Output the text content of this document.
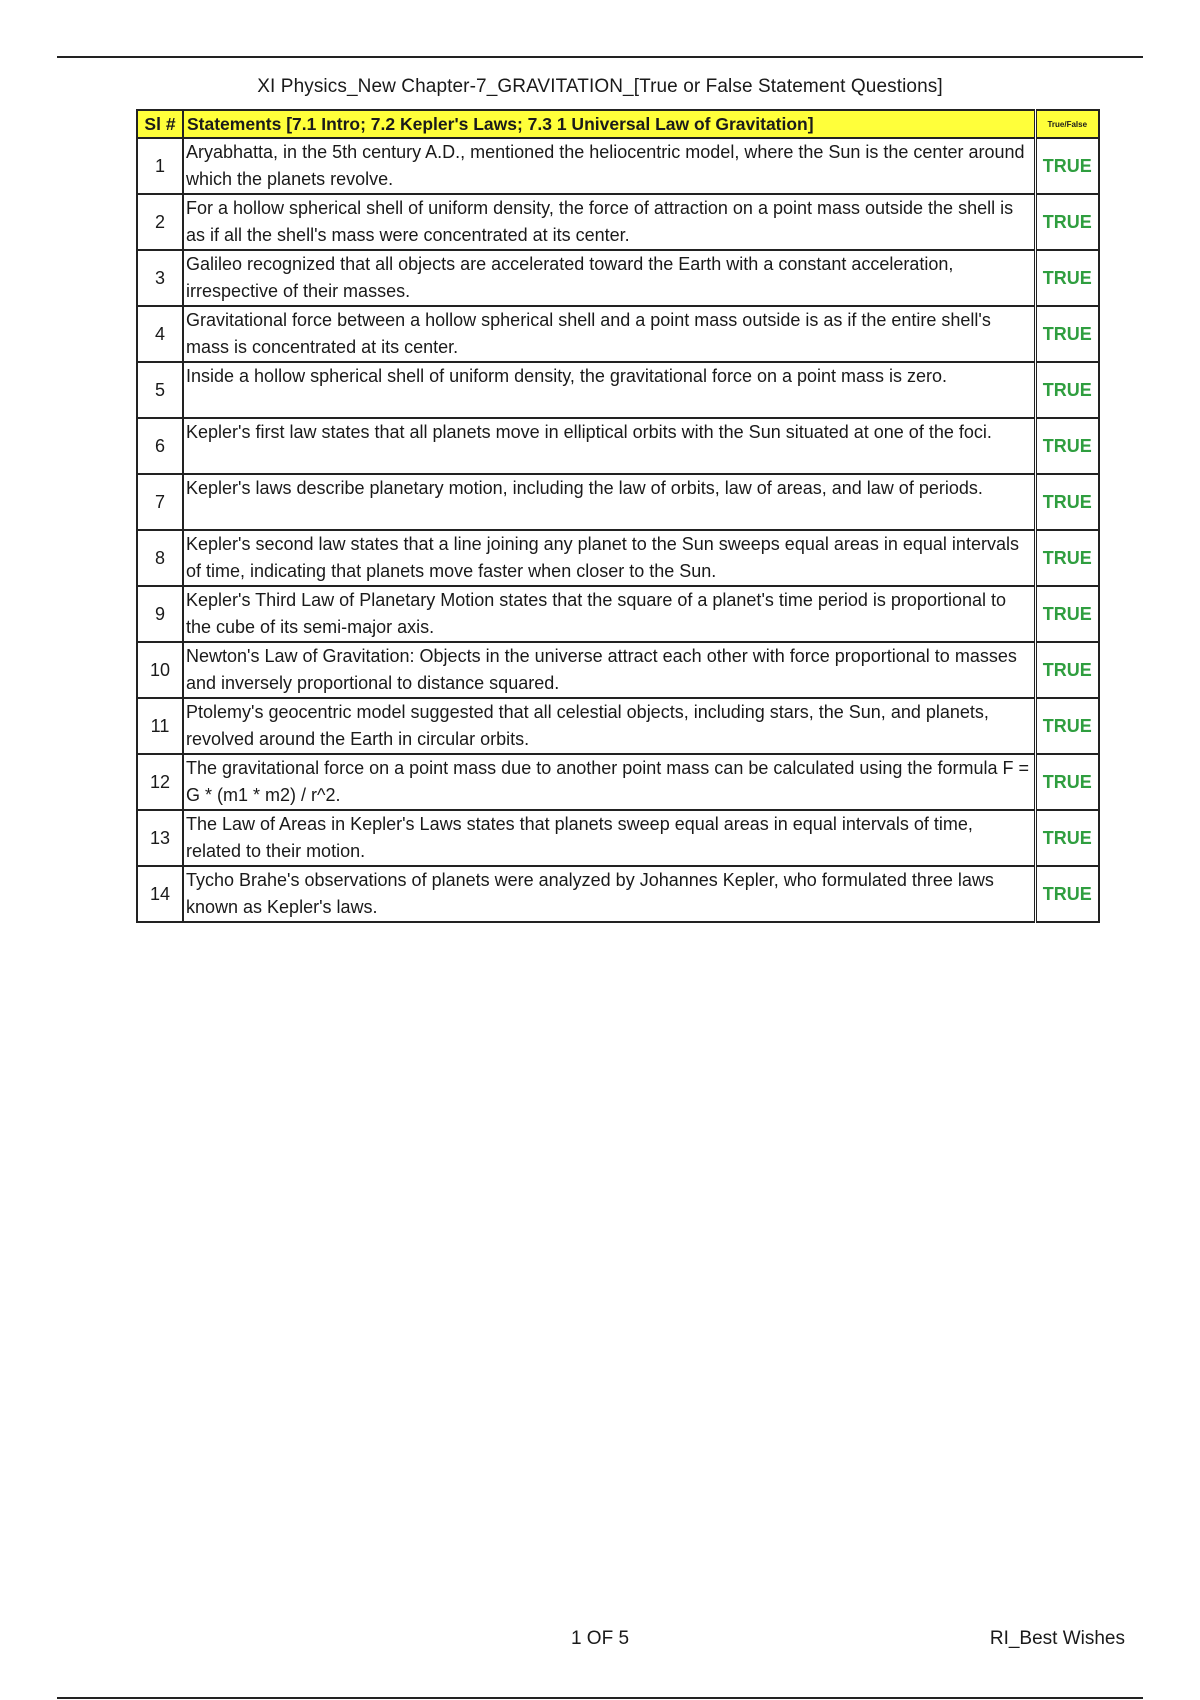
XI Physics_New Chapter-7_GRAVITATION_[True or False Statement Questions]
Sl #	Statements [7.1 Intro; 7.2 Kepler's Laws; 7.3 1 Universal Law of Gravitation]	True/False
1	Aryabhatta, in the 5th century A.D., mentioned the heliocentric model, where the Sun is the center around which the planets revolve.	TRUE
2	For a hollow spherical shell of uniform density, the force of attraction on a point mass outside the shell is as if all the shell's mass were concentrated at its center.	TRUE
3	Galileo recognized that all objects are accelerated toward the Earth with a constant acceleration, irrespective of their masses.	TRUE
4	Gravitational force between a hollow spherical shell and a point mass outside is as if the entire shell's mass is concentrated at its center.	TRUE
5	Inside a hollow spherical shell of uniform density, the gravitational force on a point mass is zero.	TRUE
6	Kepler's first law states that all planets move in elliptical orbits with the Sun situated at one of the foci.	TRUE
7	Kepler's laws describe planetary motion, including the law of orbits, law of areas, and law of periods.	TRUE
8	Kepler's second law states that a line joining any planet to the Sun sweeps equal areas in equal intervals of time, indicating that planets move faster when closer to the Sun.	TRUE
9	Kepler's Third Law of Planetary Motion states that the square of a planet's time period is proportional to the cube of its semi-major axis.	TRUE
10	Newton's Law of Gravitation: Objects in the universe attract each other with force proportional to masses and inversely proportional to distance squared.	TRUE
11	Ptolemy's geocentric model suggested that all celestial objects, including stars, the Sun, and planets, revolved around the Earth in circular orbits.	TRUE
12	The gravitational force on a point mass due to another point mass can be calculated using the formula F = G * (m1 * m2) / r^2.	TRUE
13	The Law of Areas in Kepler's Laws states that planets sweep equal areas in equal intervals of time, related to their motion.	TRUE
14	Tycho Brahe's observations of planets were analyzed by Johannes Kepler, who formulated three laws known as Kepler's laws.	TRUE
1 OF 5	RI_Best Wishes
